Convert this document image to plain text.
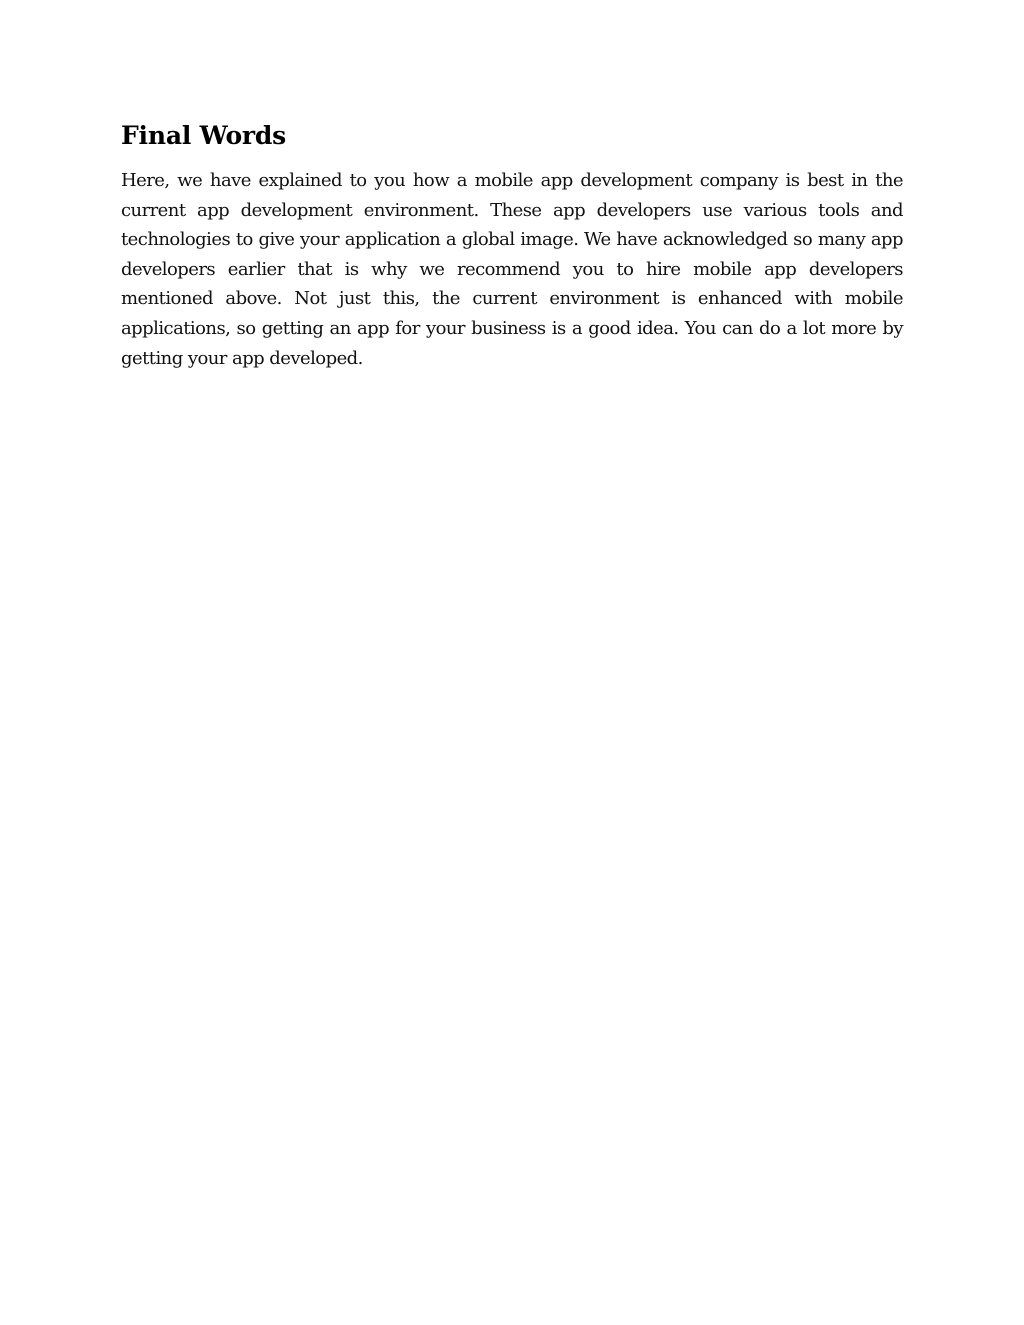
Final Words

Here, we have explained to you how a mobile app development company is best in the current app development environment. These app developers use various tools and technologies to give your application a global image. We have acknowledged so many app developers earlier that is why we recommend you to hire mobile app developers mentioned above. Not just this, the current environment is enhanced with mobile applications, so getting an app for your business is a good idea. You can do a lot more by getting your app developed.
